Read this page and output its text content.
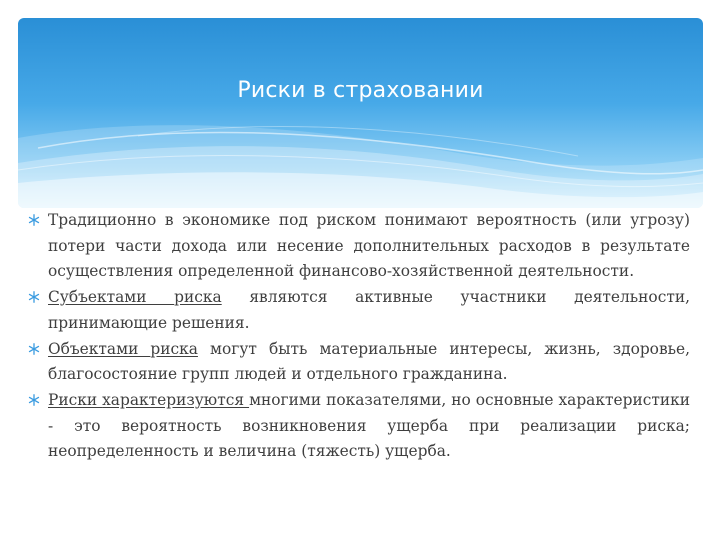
Риски в страховании
Традиционно в экономике под риском понимают вероятность (или угрозу) потери части дохода или несение дополнительных расходов в результате осуществления определенной финансово-хозяйственной деятельности.
Субъектами риска являются активные участники деятельности, принимающие решения.
Объектами риска могут быть материальные интересы, жизнь, здоровье, благосостояние групп людей и отдельного гражданина.
Риски характеризуются многими показателями, но основные характеристики - это вероятность возникновения ущерба при реализации риска; неопределенность и величина (тяжесть) ущерба.
